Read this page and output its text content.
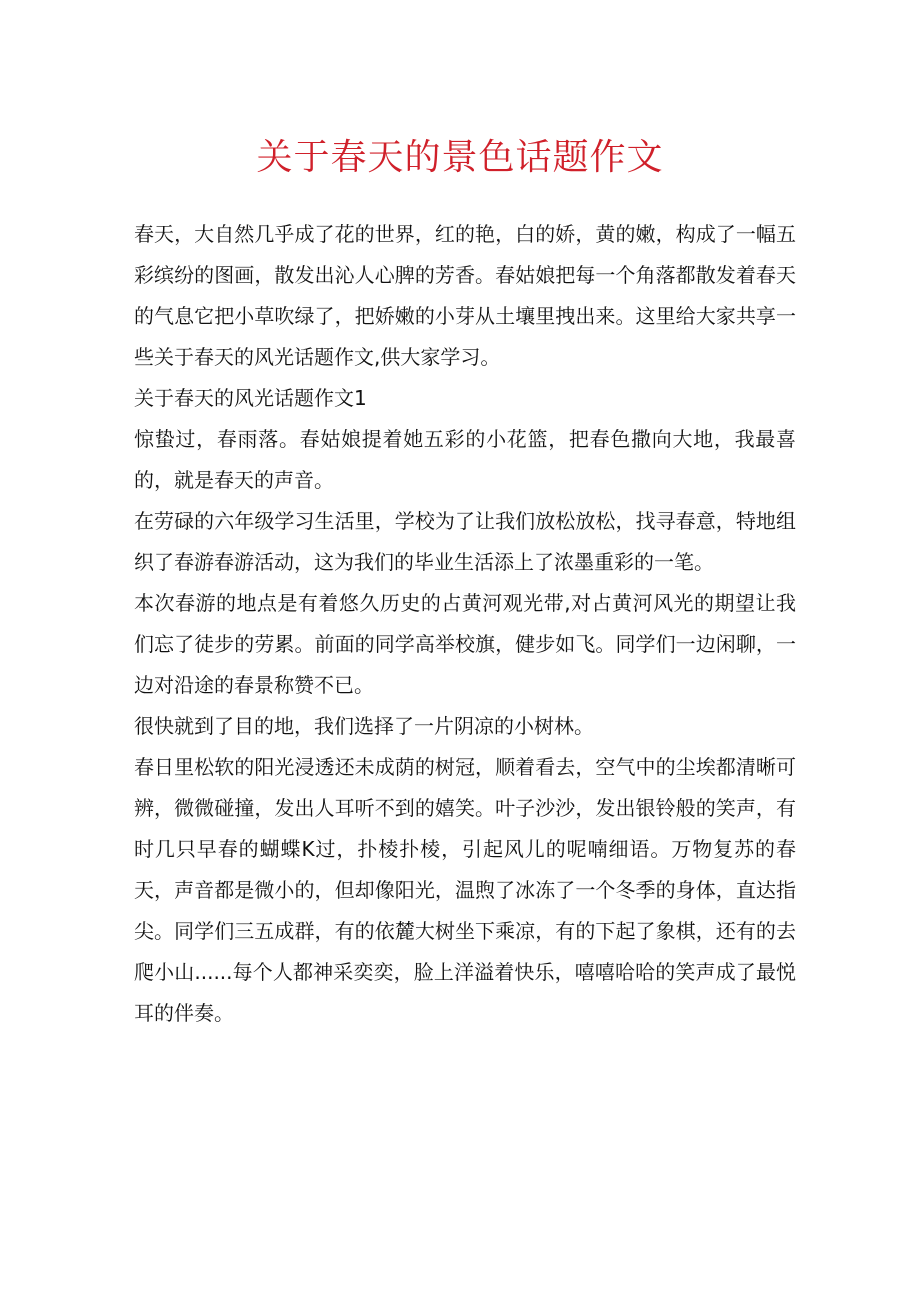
关于春天的景色话题作文

春天，大自然几乎成了花的世界，红的艳，白的娇，黄的嫩，构成了一幅五彩缤纷的图画，散发出沁人心脾的芳香。春姑娘把每一个角落都散发着春天的气息它把小草吹绿了，把娇嫩的小芽从土壤里拽出来。这里给大家共享一些关于春天的风光话题作文,供大家学习。

关于春天的风光话题作文1

惊蛰过，春雨落。春姑娘提着她五彩的小花篮，把春色撒向大地，我最喜的，就是春天的声音。

在劳碌的六年级学习生活里，学校为了让我们放松放松，找寻春意，特地组织了春游春游活动，这为我们的毕业生活添上了浓墨重彩的一笔。

本次春游的地点是有着悠久历史的占黄河观光带,对占黄河风光的期望让我们忘了徒步的劳累。前面的同学高举校旗，健步如飞。同学们一边闲聊，一边对沿途的春景称赞不已。

很快就到了目的地，我们选择了一片阴凉的小树林。

春日里松软的阳光浸透还未成荫的树冠，顺着看去，空气中的尘埃都清晰可辨，微微碰撞，发出人耳听不到的嬉笑。叶子沙沙，发出银铃般的笑声，有时几只早春的蝴蝶K过，扑棱扑棱，引起风儿的呢喃细语。万物复苏的春天，声音都是微小的，但却像阳光，温煦了冰冻了一个冬季的身体，直达指尖。同学们三五成群，有的依麓大树坐下乘凉，有的下起了象棋，还有的去爬小山......每个人都神采奕奕，脸上洋溢着快乐，嘻嘻哈哈的笑声成了最悦耳的伴奏。
